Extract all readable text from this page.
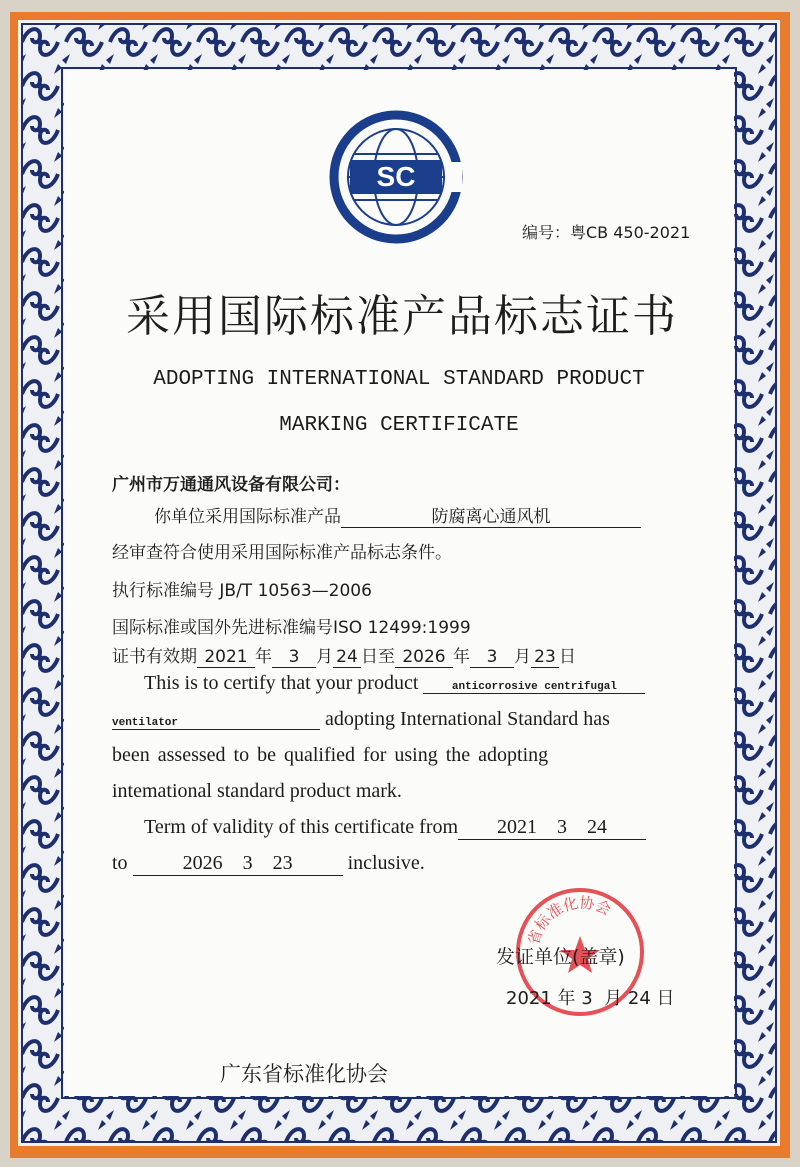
SC
编号：粤CB 450-2021
采用国际标准产品标志证书
ADOPTING INTERNATIONAL STANDARD PRODUCT
MARKING CERTIFICATE
广州市万通通风设备有限公司：
你单位采用国际标准产品	防腐离心通风机
经审查符合使用采用国际标准产品标志条件。
执行标准编号 JB/T 10563—2006
国际标准或国外先进标准编号ISO 12499:1999
证书有效期 2021 年 3 月 24 日至 2026 年 3 月 23 日
This is to certify that your product	anticorrosive centrifugal
ventilator	adopting International Standard has
been assessed to be qualified for using the adopting
intemational standard product mark.
Term of validity of this certificate from 2021    3    24
to	2026    3    23	inclusive.
省标准化协会
发证单位(盖章)
2021 年 3  月 24 日
广东省标准化协会
